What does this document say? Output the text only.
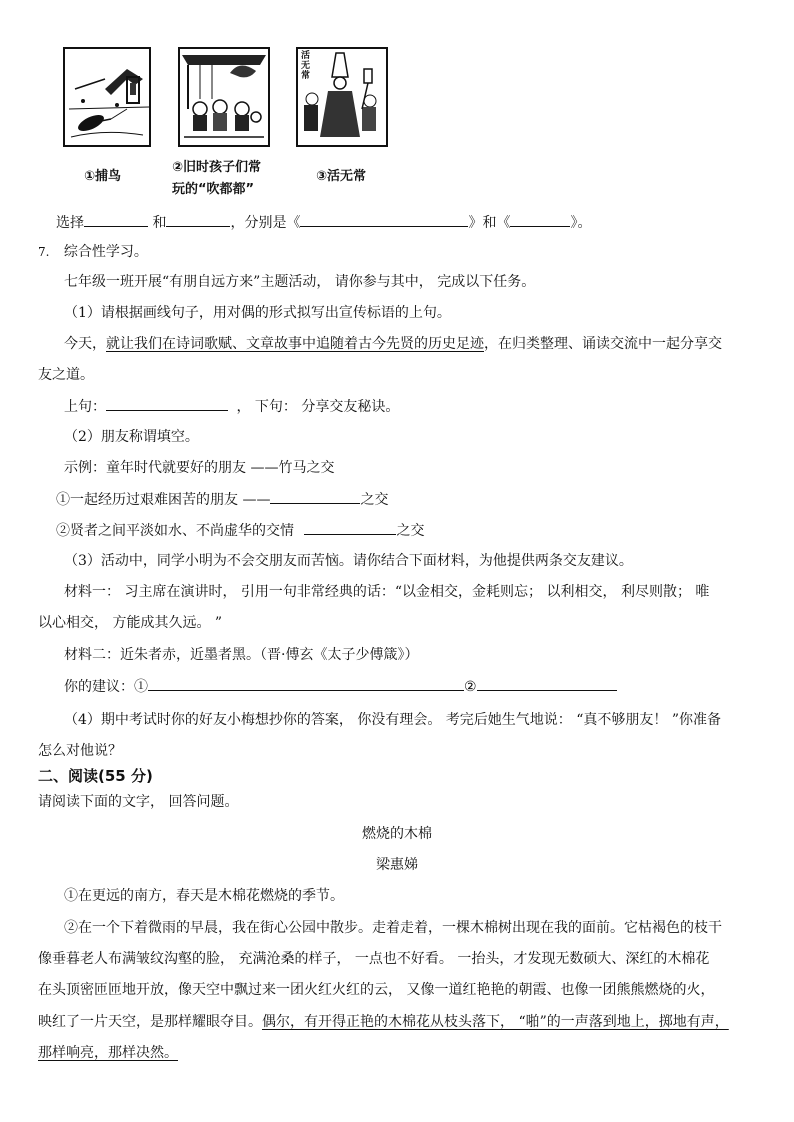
①捕鸟
②旧时孩子们常
玩的“吹都都”
活无常
③活无常
选择	和	，分别是《	》和《	》。
7. 综合性学习。
七年级一班开展“有朋自远方来”主题活动， 请你参与其中， 完成以下任务。
（1）请根据画线句子，用对偶的形式拟写出宣传标语的上句。
今天，就让我们在诗词歌赋、文章故事中追随着古今先贤的历史足迹，在归类整理、诵读交流中一起分享交
友之道。
上句：	， 下句： 分享交友秘诀。
（2）朋友称谓填空。
示例：童年时代就要好的朋友 ——竹马之交
①一起经历过艰难困苦的朋友 ——	之交
②贤者之间平淡如水、不尚虚华的交情	之交
（3）活动中，同学小明为不会交朋友而苦恼。请你结合下面材料，为他提供两条交友建议。
材料一： 习主席在演讲时， 引用一句非常经典的话：“以金相交，金耗则忘； 以利相交， 利尽则散； 唯
以心相交， 方能成其久远。 ”
材料二：近朱者赤，近墨者黑。（晋·傅玄《太子少傅箴》）
你的建议：①	②
（4）期中考试时你的好友小梅想抄你的答案， 你没有理会。 考完后她生气地说： “真不够朋友！ ”你准备
怎么对他说？
二、阅读(55 分)
请阅读下面的文字， 回答问题。
燃烧的木棉
梁惠娣
①在更远的南方，春天是木棉花燃烧的季节。
②在一个下着微雨的早晨，我在街心公园中散步。走着走着，一棵木棉树出现在我的面前。它枯褐色的枝干
像垂暮老人布满皱纹沟壑的脸， 充满沧桑的样子， 一点也不好看。 一抬头，才发现无数硕大、深红的木棉花
在头顶密匝匝地开放，像天空中飘过来一团火红火红的云， 又像一道红艳艳的朝霞、也像一团熊熊燃烧的火，
映红了一片天空，是那样耀眼夺目。偶尔，有开得正艳的木棉花从枝头落下， “啪”的一声落到地上，掷地有声，
那样响亮，那样决然。
